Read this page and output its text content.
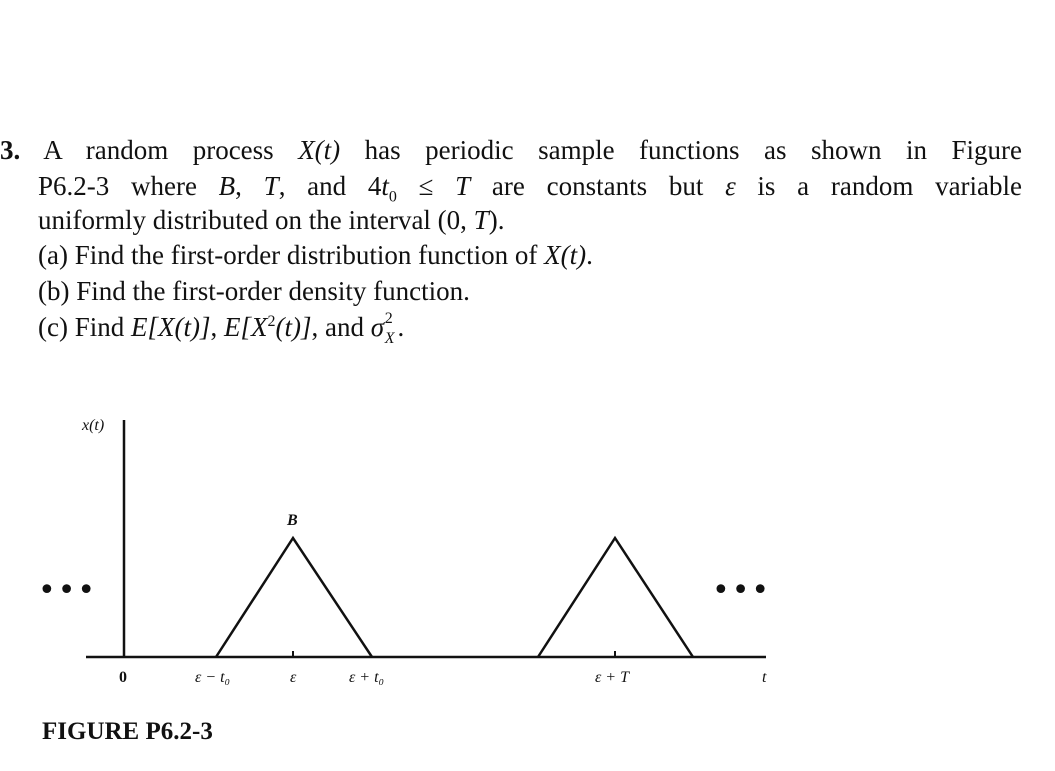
3. A random process X(t) has periodic sample functions as shown in Figure
P6.2-3 where B, T, and $4t_0 \le T$ are constants but ε is a random variable
uniformly distributed on the interval (0, T).
(a) Find the first-order distribution function of X(t).
(b) Find the first-order density function.
(c) Find E[X(t)], $E[X^2(t)]$, and σ 2
X .
x(t)
B
0	ε − t₀	ε	ε + t₀	ε + T	t
•••	•••
FIGURE P6.2-3
